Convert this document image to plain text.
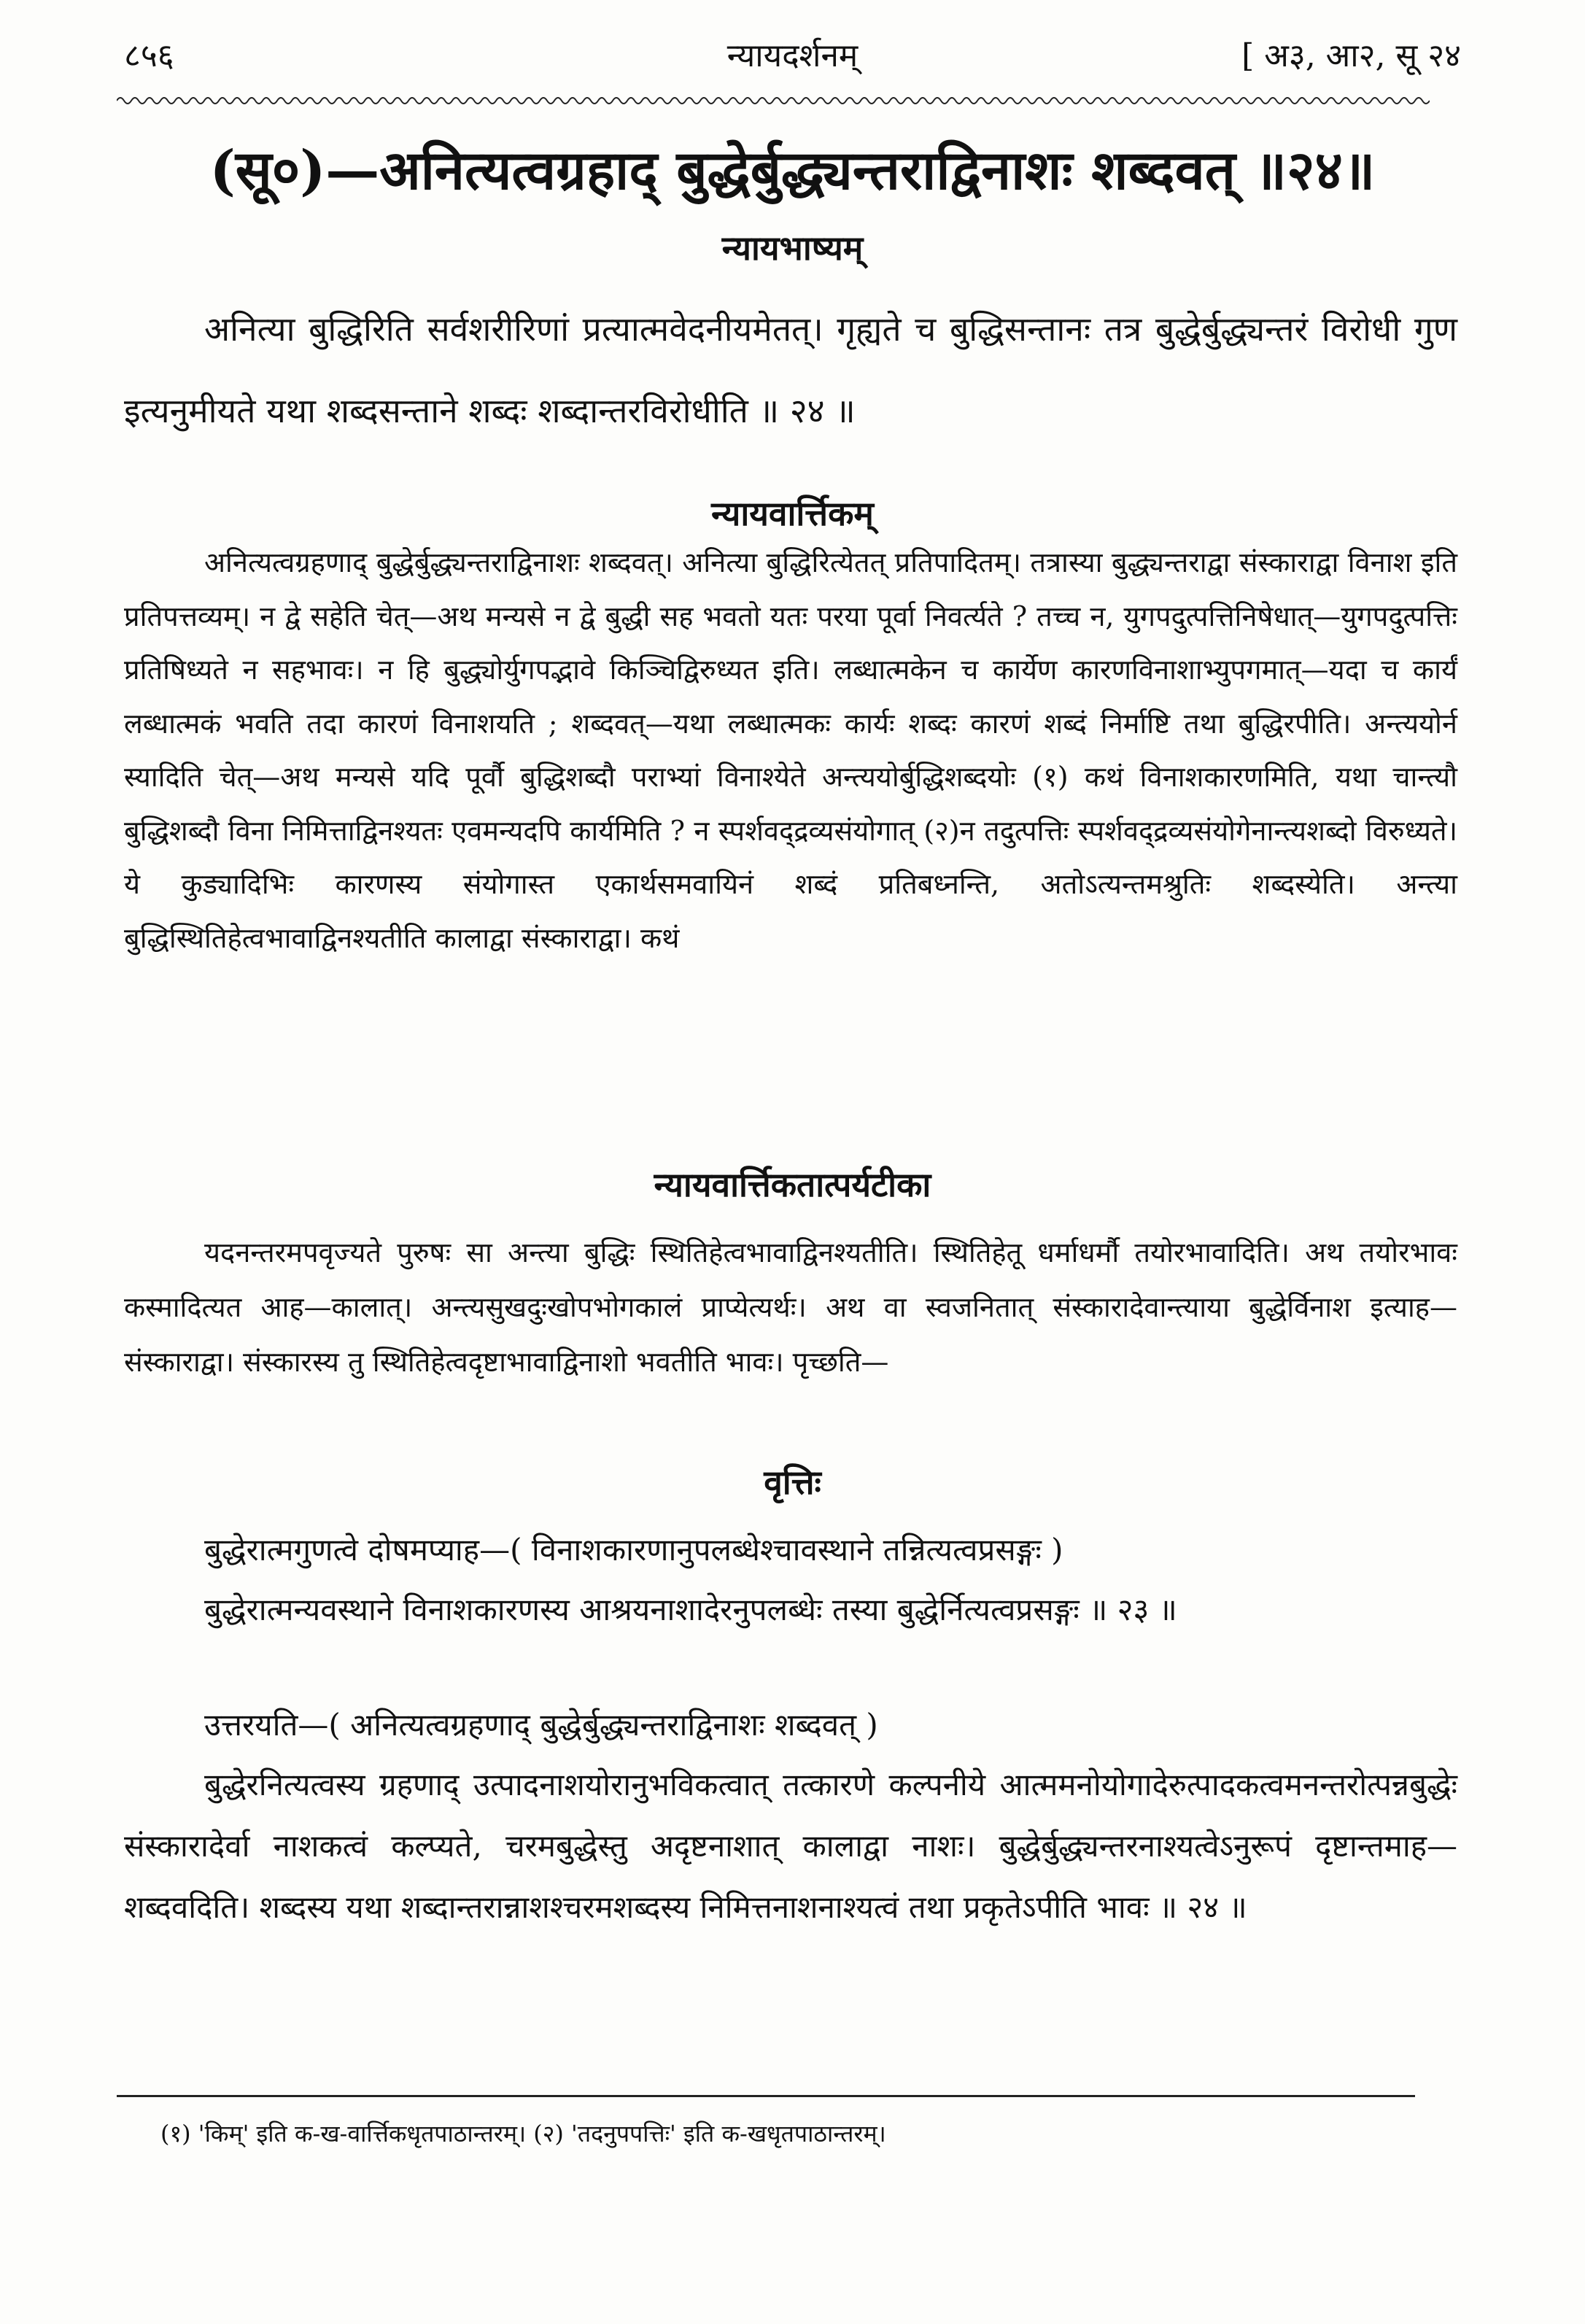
८५६	न्यायदर्शनम्	[ अ३, आ२, सू २४
(सू०)—अनित्यत्वग्रहाद् बुद्धेर्बुद्ध्यन्तराद्विनाशः शब्दवत् ॥२४॥
न्यायभाष्यम्
अनित्या बुद्धिरिति सर्वशरीरिणां प्रत्यात्मवेदनीयमेतत्। गृह्यते च बुद्धिसन्तानः तत्र बुद्धेर्बुद्ध्यन्तरं विरोधी गुण इत्यनुमीयते यथा शब्दसन्ताने शब्दः शब्दान्तरविरोधीति ॥ २४ ॥
न्यायवार्त्तिकम्
अनित्यत्वग्रहणाद् बुद्धेर्बुद्ध्यन्तराद्विनाशः शब्दवत्। अनित्या बुद्धिरित्येतत् प्रतिपादितम्। तत्रास्या बुद्ध्यन्तराद्वा संस्काराद्वा विनाश इति प्रतिपत्तव्यम्। न द्वे सहेति चेत्—अथ मन्यसे न द्वे बुद्धी सह भवतो यतः परया पूर्वा निवर्त्यते ? तच्च न, युगपदुत्पत्तिनिषेधात्—युगपदुत्पत्तिः प्रतिषिध्यते न सहभावः। न हि बुद्ध्योर्युगपद्भावे किञ्चिद्विरुध्यत इति। लब्धात्मकेन च कार्येण कारणविनाशाभ्युपगमात्—यदा च कार्यं लब्धात्मकं भवति तदा कारणं विनाशयति ; शब्दवत्—यथा लब्धात्मकः कार्यः शब्दः कारणं शब्दं निर्माष्टि तथा बुद्धिरपीति। अन्त्ययोर्न स्यादिति चेत्—अथ मन्यसे यदि पूर्वौ बुद्धिशब्दौ पराभ्यां विनाश्येते अन्त्ययोर्बुद्धिशब्दयोः (१) कथं विनाशकारणमिति, यथा चान्त्यौ बुद्धिशब्दौ विना निमित्ताद्विनश्यतः एवमन्यदपि कार्यमिति ? न स्पर्शवद्द्रव्यसंयोगात् (२)न तदुत्पत्तिः स्पर्शवद्द्रव्यसंयोगेनान्त्यशब्दो विरुध्यते। ये कुड्यादिभिः कारणस्य संयोगास्त एकार्थसमवायिनं शब्दं प्रतिबध्नन्ति, अतोऽत्यन्तमश्रुतिः शब्दस्येति। अन्त्या बुद्धिस्थितिहेत्वभावाद्विनश्यतीति कालाद्वा संस्काराद्वा। कथं
न्यायवार्त्तिकतात्पर्यटीका
यदनन्तरमपवृज्यते पुरुषः सा अन्त्या बुद्धिः स्थितिहेत्वभावाद्विनश्यतीति। स्थितिहेतू धर्माधर्मौ तयोरभावादिति। अथ तयोरभावः कस्मादित्यत आह—कालात्। अन्त्यसुखदुःखोपभोगकालं प्राप्येत्यर्थः। अथ वा स्वजनितात् संस्कारादेवान्त्याया बुद्धेर्विनाश इत्याह—संस्काराद्वा। संस्कारस्य तु स्थितिहेत्वदृष्टाभावाद्विनाशो भवतीति भावः। पृच्छति—
वृत्तिः
बुद्धेरात्मगुणत्वे दोषमप्याह—( विनाशकारणानुपलब्धेश्चावस्थाने तन्नित्यत्वप्रसङ्गः )
बुद्धेरात्मन्यवस्थाने विनाशकारणस्य आश्रयनाशादेरनुपलब्धेः तस्या बुद्धेर्नित्यत्वप्रसङ्गः ॥ २३ ॥
उत्तरयति—( अनित्यत्वग्रहणाद् बुद्धेर्बुद्ध्यन्तराद्विनाशः शब्दवत् )
बुद्धेरनित्यत्वस्य ग्रहणाद् उत्पादनाशयोरानुभविकत्वात् तत्कारणे कल्पनीये आत्ममनोयोगादेरुत्पादकत्वमनन्तरोत्पन्नबुद्धेः संस्कारादेर्वा नाशकत्वं कल्प्यते, चरमबुद्धेस्तु अदृष्टनाशात् कालाद्वा नाशः। बुद्धेर्बुद्ध्यन्तरनाश्यत्वेऽनुरूपं दृष्टान्तमाह—शब्दवदिति। शब्दस्य यथा शब्दान्तरान्नाशश्चरमशब्दस्य निमित्तनाशनाश्यत्वं तथा प्रकृतेऽपीति भावः ॥ २४ ॥
(१) 'किम्' इति क-ख-वार्त्तिकधृतपाठान्तरम्। (२) 'तदनुपपत्तिः' इति क-खधृतपाठान्तरम्।
